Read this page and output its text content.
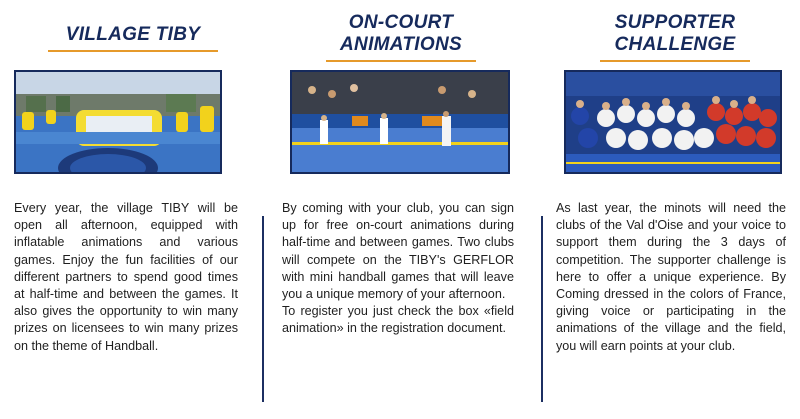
VILLAGE TIBY
Every year, the village TIBY will be open all afternoon, equipped with inflatable animations and various games. Enjoy the fun facilities of our different partners to spend good times at half-time and between the games. It also gives the opportunity to win many prizes on licensees to win many prizes on the theme of Handball.
ON-COURT
ANIMATIONS
By coming with your club, you can sign up for free on-court animations during half-time and between games. Two clubs will compete on the TIBY's GERFLOR with mini handball games that will leave you a unique memory of your afternoon.
To register you just check the box «field animation» in the registration document.
SUPPORTER
CHALLENGE
As last year, the minots will need the clubs of the Val d'Oise and your voice to support them during the 3 days of competition. The supporter challenge is here to offer a unique experience. By Coming dressed in the colors of France, giving voice or participating in the animations of the village and the field, you will earn points at your club.
